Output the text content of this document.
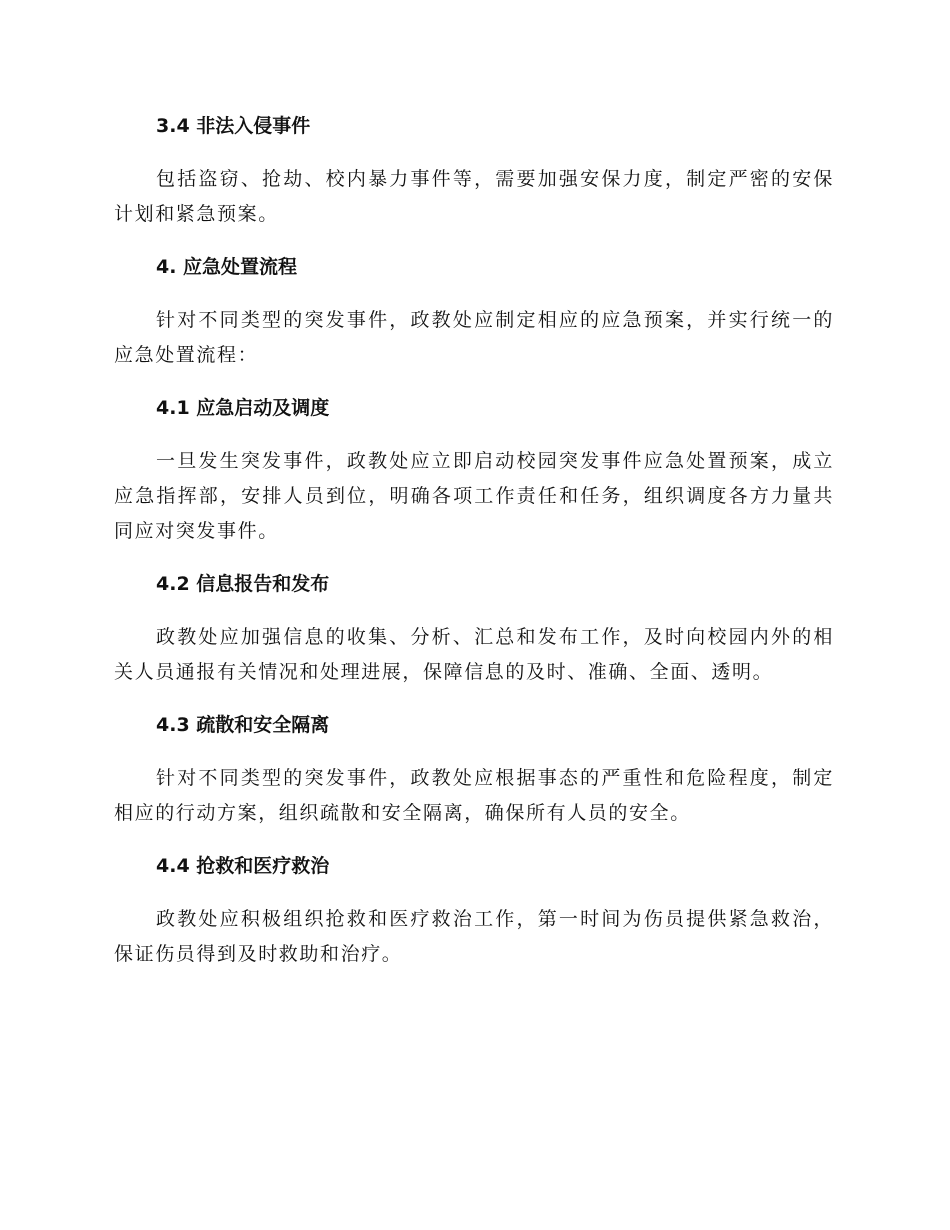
3.4 非法入侵事件

包括盗窃、抢劫、校内暴力事件等，需要加强安保力度，制定严密的安保计划和紧急预案。

4. 应急处置流程

针对不同类型的突发事件，政教处应制定相应的应急预案，并实行统一的应急处置流程：

4.1 应急启动及调度

一旦发生突发事件，政教处应立即启动校园突发事件应急处置预案，成立应急指挥部，安排人员到位，明确各项工作责任和任务，组织调度各方力量共同应对突发事件。

4.2 信息报告和发布

政教处应加强信息的收集、分析、汇总和发布工作，及时向校园内外的相关人员通报有关情况和处理进展，保障信息的及时、准确、全面、透明。

4.3 疏散和安全隔离

针对不同类型的突发事件，政教处应根据事态的严重性和危险程度，制定相应的行动方案，组织疏散和安全隔离，确保所有人员的安全。

4.4 抢救和医疗救治

政教处应积极组织抢救和医疗救治工作，第一时间为伤员提供紧急救治，保证伤员得到及时救助和治疗。
